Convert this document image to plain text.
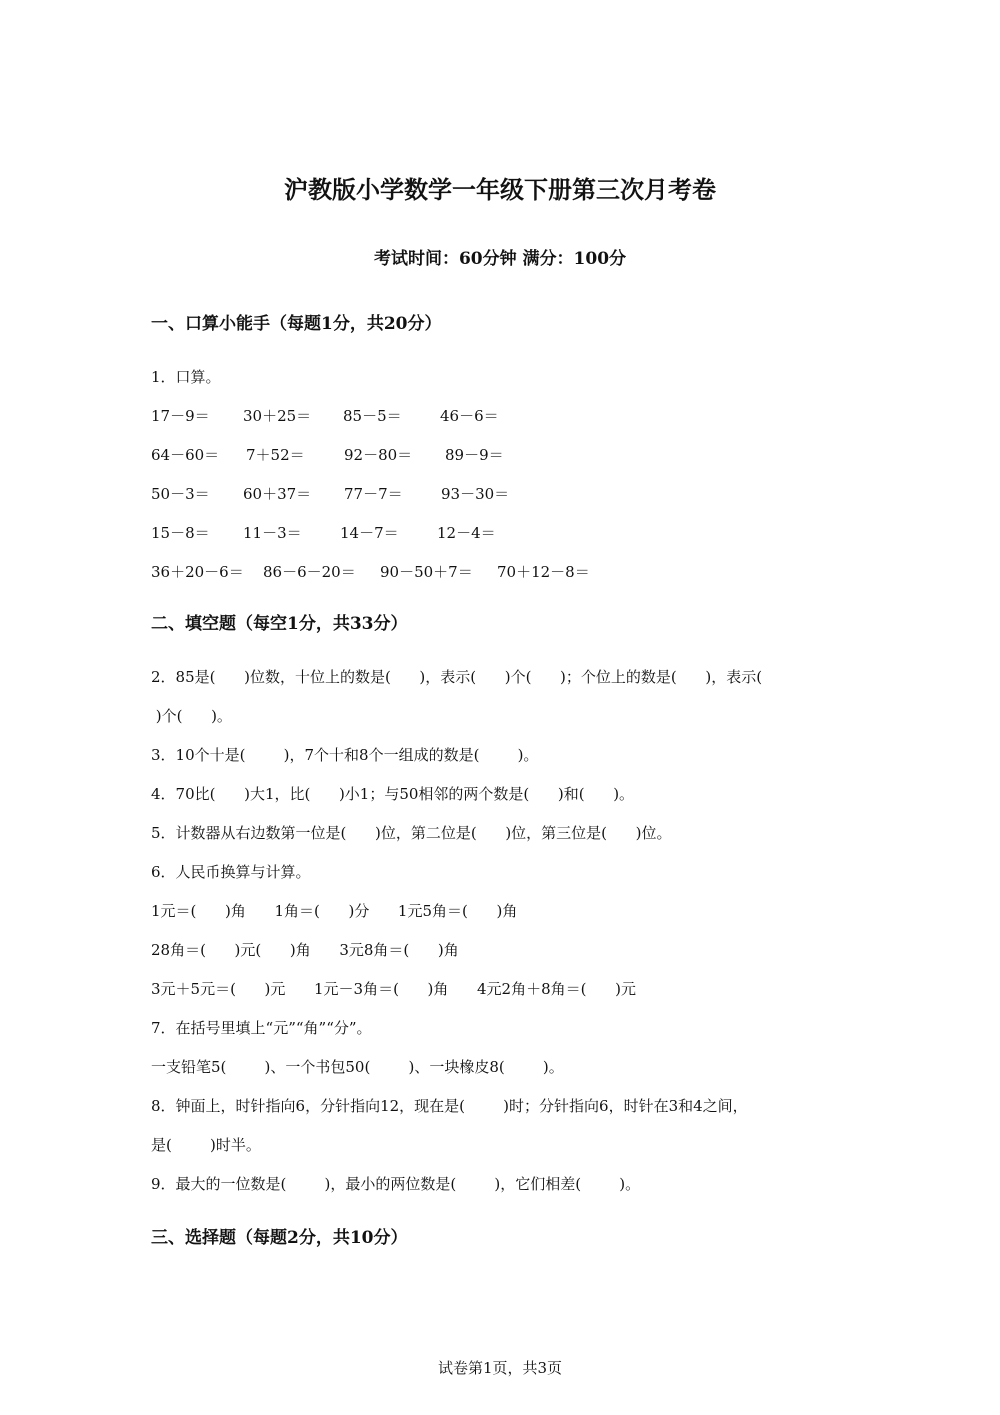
沪教版小学数学一年级下册第三次月考卷
考试时间：60分钟 满分：100分

一、口算小能手（每题1分，共20分）

1．口算。

17－9＝	30＋25＝	85－5＝	46－6＝
64－60＝	7＋52＝	92－80＝	89－9＝
50－3＝	60＋37＝	77－7＝	93－30＝
15－8＝	11－3＝	14－7＝	12－4＝
36＋20－6＝	86－6－20＝	90－50＋7＝	70＋12－8＝

二、填空题（每空1分，共33分）

2．85是(      )位数，十位上的数是(      )，表示(      )个(      )；个位上的数是(      )，表示(

)个(      )。

3．10个十是(        )，7个十和8个一组成的数是(        )。

4．70比(      )大1，比(      )小1；与50相邻的两个数是(      )和(      )。

5．计数器从右边数第一位是(      )位，第二位是(      )位，第三位是(      )位。

6．人民币换算与计算。

1元＝(      )角      1角＝(      )分      1元5角＝(      )角

28角＝(      )元(      )角      3元8角＝(      )角

3元＋5元＝(      )元      1元－3角＝(      )角      4元2角＋8角＝(      )元

7．在括号里填上“元”“角”“分”。

一支铅笔5(        )、一个书包50(        )、一块橡皮8(        )。

8．钟面上，时针指向6，分针指向12，现在是(        )时；分针指向6，时针在3和4之间，

是(        )时半。

9．最大的一位数是(        )，最小的两位数是(        )，它们相差(        )。

三、选择题（每题2分，共10分）

试卷第1页，共3页
